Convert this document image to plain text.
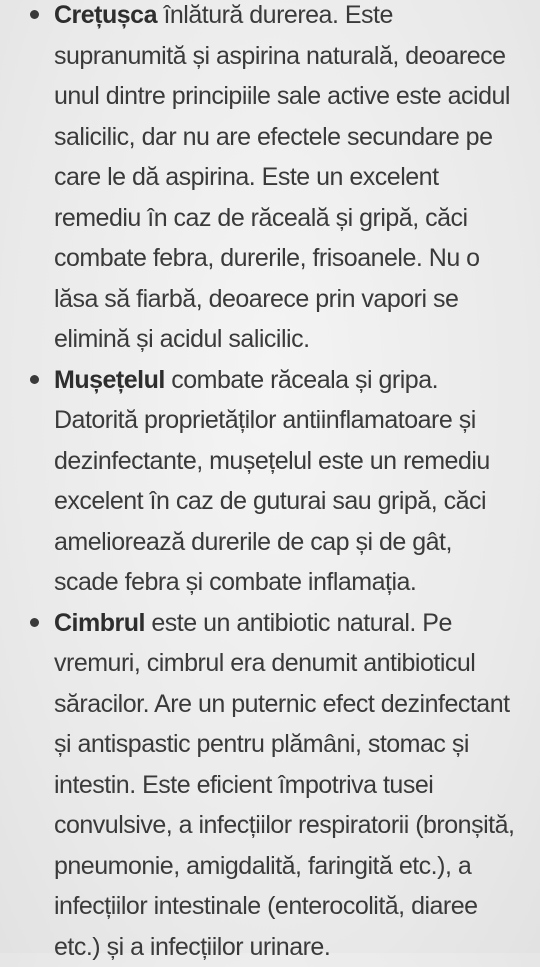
Crețușca înlătură durerea. Este supranumită și aspirina naturală, deoarece unul dintre principiile sale active este acidul salicilic, dar nu are efectele secundare pe care le dă aspirina. Este un excelent remediu în caz de răceală și gripă, căci combate febra, durerile, frisoanele. Nu o lăsa să fiarbă, deoarece prin vapori se elimină și acidul salicilic.
Mușețelul combate răceala și gripa. Datorită proprietăților antiinflamatoare și dezinfectante, mușețelul este un remediu excelent în caz de guturai sau gripă, căci ameliorează durerile de cap și de gât, scade febra și combate inflamația.
Cimbrul este un antibiotic natural. Pe vremuri, cimbrul era denumit antibioticul săracilor. Are un puternic efect dezinfectant și antispastic pentru plămâni, stomac și intestin. Este eficient împotriva tusei convulsive, a infecțiilor respiratorii (bronșită, pneumonie, amigdalită, faringită etc.), a infecțiilor intestinale (enterocolită, diaree etc.) și a infecțiilor urinare.
